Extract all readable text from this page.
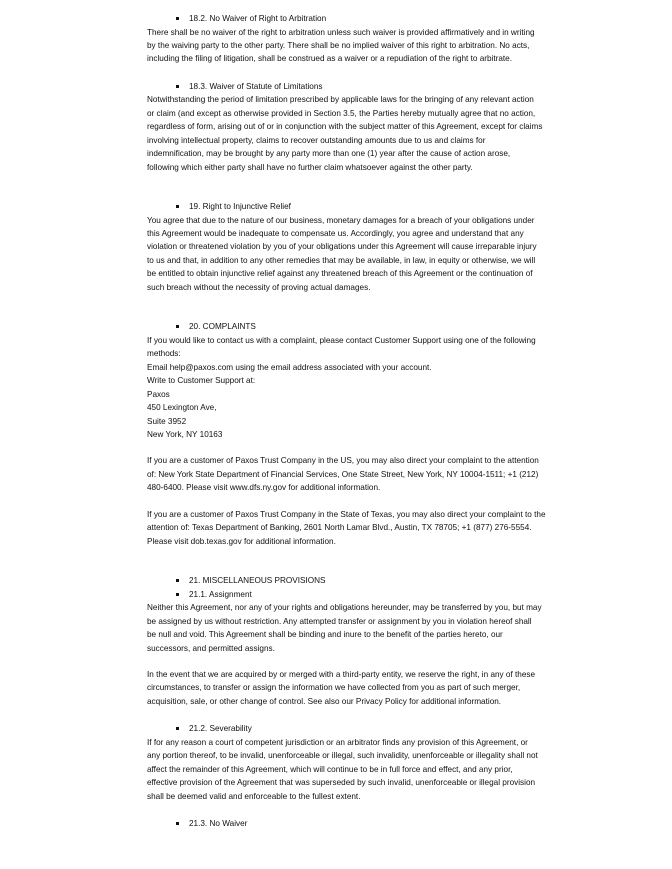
18.2. No Waiver of Right to Arbitration

There shall be no waiver of the right to arbitration unless such waiver is provided affirmatively and in writing
by the waiving party to the other party. There shall be no implied waiver of this right to arbitration. No acts,
including the filing of litigation, shall be construed as a waiver or a repudiation of the right to arbitrate.

18.3. Waiver of Statute of Limitations

Notwithstanding the period of limitation prescribed by applicable laws for the bringing of any relevant action
or claim (and except as otherwise provided in Section 3.5, the Parties hereby mutually agree that no action,
regardless of form, arising out of or in conjunction with the subject matter of this Agreement, except for claims
involving intellectual property, claims to recover outstanding amounts due to us and claims for
indemnification, may be brought by any party more than one (1) year after the cause of action arose,
following which either party shall have no further claim whatsoever against the other party.

19. Right to Injunctive Relief

You agree that due to the nature of our business, monetary damages for a breach of your obligations under
this Agreement would be inadequate to compensate us. Accordingly, you agree and understand that any
violation or threatened violation by you of your obligations under this Agreement will cause irreparable injury
to us and that, in addition to any other remedies that may be available, in law, in equity or otherwise, we will
be entitled to obtain injunctive relief against any threatened breach of this Agreement or the continuation of
such breach without the necessity of proving actual damages.

20. COMPLAINTS

If you would like to contact us with a complaint, please contact Customer Support using one of the following
methods:
Email help@paxos.com using the email address associated with your account.
Write to Customer Support at:
Paxos
450 Lexington Ave,
Suite 3952
New York, NY 10163

If you are a customer of Paxos Trust Company in the US, you may also direct your complaint to the attention
of: New York State Department of Financial Services, One State Street, New York, NY 10004-1511; +1 (212)
480-6400. Please visit www.dfs.ny.gov for additional information.

If you are a customer of Paxos Trust Company in the State of Texas, you may also direct your complaint to the
attention of: Texas Department of Banking, 2601 North Lamar Blvd., Austin, TX 78705; +1 (877) 276-5554.
Please visit dob.texas.gov for additional information.

21. MISCELLANEOUS PROVISIONS
21.1. Assignment

Neither this Agreement, nor any of your rights and obligations hereunder, may be transferred by you, but may
be assigned by us without restriction. Any attempted transfer or assignment by you in violation hereof shall
be null and void. This Agreement shall be binding and inure to the benefit of the parties hereto, our
successors, and permitted assigns.

In the event that we are acquired by or merged with a third-party entity, we reserve the right, in any of these
circumstances, to transfer or assign the information we have collected from you as part of such merger,
acquisition, sale, or other change of control. See also our Privacy Policy for additional information.

21.2. Severability

If for any reason a court of competent jurisdiction or an arbitrator finds any provision of this Agreement, or
any portion thereof, to be invalid, unenforceable or illegal, such invalidity, unenforceable or illegality shall not
affect the remainder of this Agreement, which will continue to be in full force and effect, and any prior,
effective provision of the Agreement that was superseded by such invalid, unenforceable or illegal provision
shall be deemed valid and enforceable to the fullest extent.

21.3. No Waiver
